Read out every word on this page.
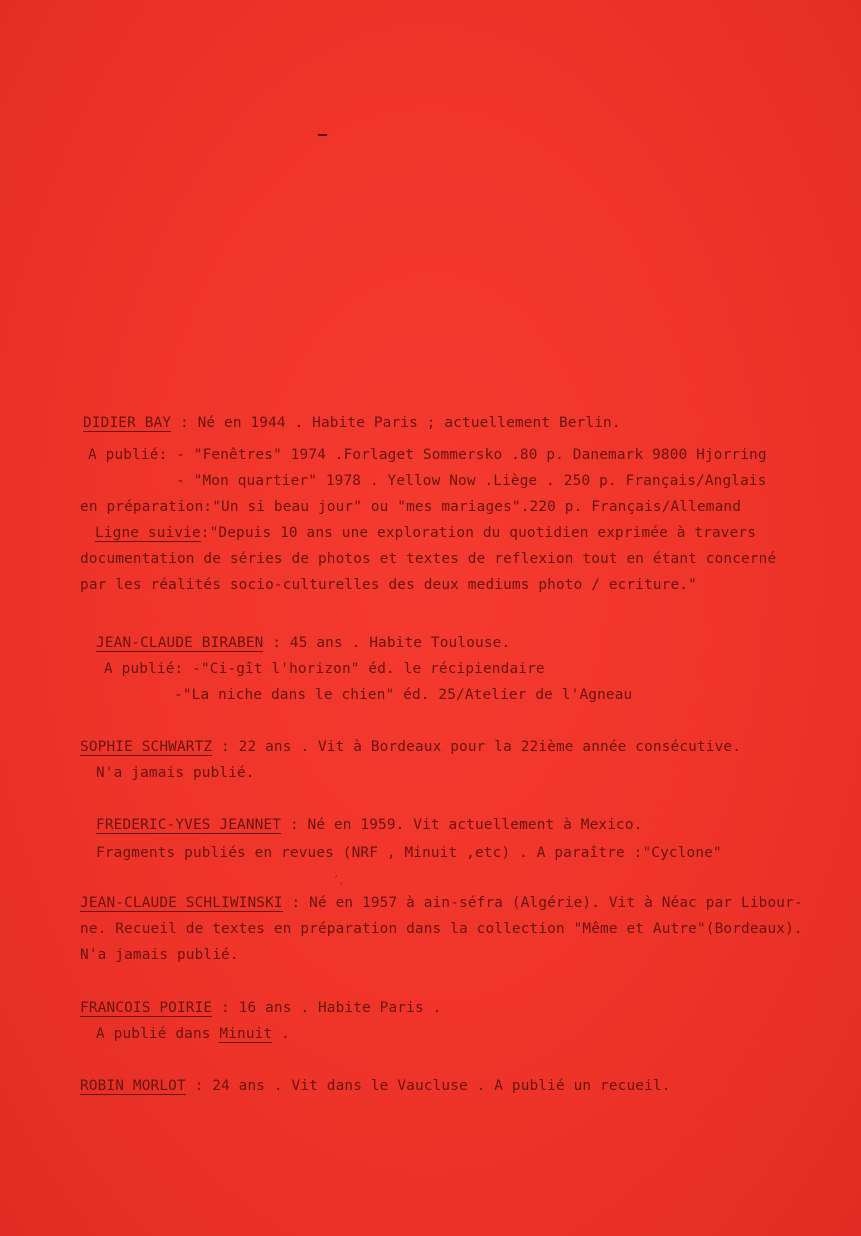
´ˌ
DIDIER BAY : Né en 1944 . Habite Paris ; actuellement Berlin.
A publié: - "Fenêtres" 1974 .Forlaget Sommersko .80 p. Danemark 9800 Hjorring
- "Mon quartier" 1978 . Yellow Now .Liège . 250 p. Français/Anglais
en préparation:"Un si beau jour" ou "mes mariages".220 p. Français/Allemand
Ligne suivie:"Depuis 10 ans une exploration du quotidien exprimée à travers
documentation de séries de photos et textes de reflexion tout en étant concerné
par les réalités socio-culturelles des deux mediums photo / ecriture."
JEAN-CLAUDE BIRABEN : 45 ans . Habite Toulouse.
A publié: -"Ci-gît l'horizon" éd. le récipiendaire
-"La niche dans le chien" éd. 25/Atelier de l'Agneau
SOPHIE SCHWARTZ : 22 ans . Vit à Bordeaux pour la 22ième année consécutive.
N'a jamais publié.
FREDERIC-YVES JEANNET : Né en 1959. Vit actuellement à Mexico.
Fragments publiés en revues (NRF , Minuit ,etc) . A paraître :"Cyclone"
JEAN-CLAUDE SCHLIWINSKI : Né en 1957 à ain-séfra (Algérie). Vit à Néac par Libour-
ne. Recueil de textes en préparation dans la collection "Même et Autre"(Bordeaux).
N'a jamais publié.
FRANCOIS POIRIE : 16 ans . Habite Paris .
A publié dans Minuit .
ROBIN MORLOT : 24 ans . Vit dans le Vaucluse . A publié un recueil.
